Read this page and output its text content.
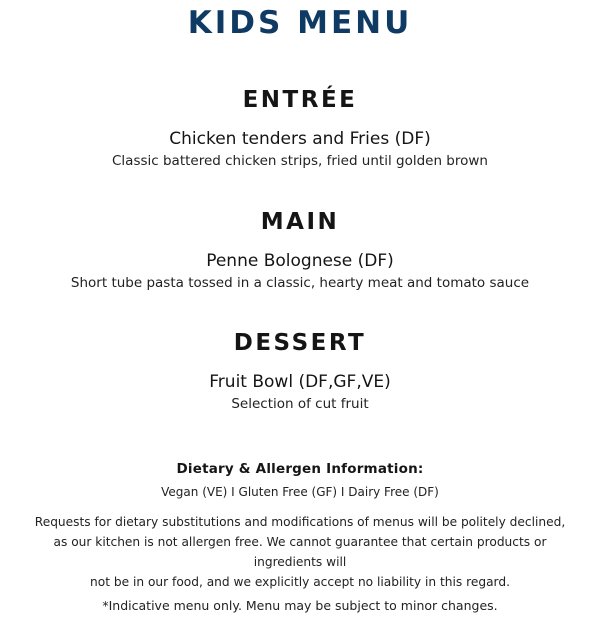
KIDS MENU
ENTRÉE
Chicken tenders and Fries (DF)
Classic battered chicken strips, fried until golden brown
MAIN
Penne Bolognese (DF)
Short tube pasta tossed in a classic, hearty meat and tomato sauce
DESSERT
Fruit Bowl (DF,GF,VE)
Selection of cut fruit
Dietary & Allergen Information:
Vegan (VE) I Gluten Free (GF) I Dairy Free (DF)
Requests for dietary substitutions and modifications of menus will be politely declined,
as our kitchen is not allergen free. We cannot guarantee that certain products or ingredients will
not be in our food, and we explicitly accept no liability in this regard.
*Indicative menu only. Menu may be subject to minor changes.
